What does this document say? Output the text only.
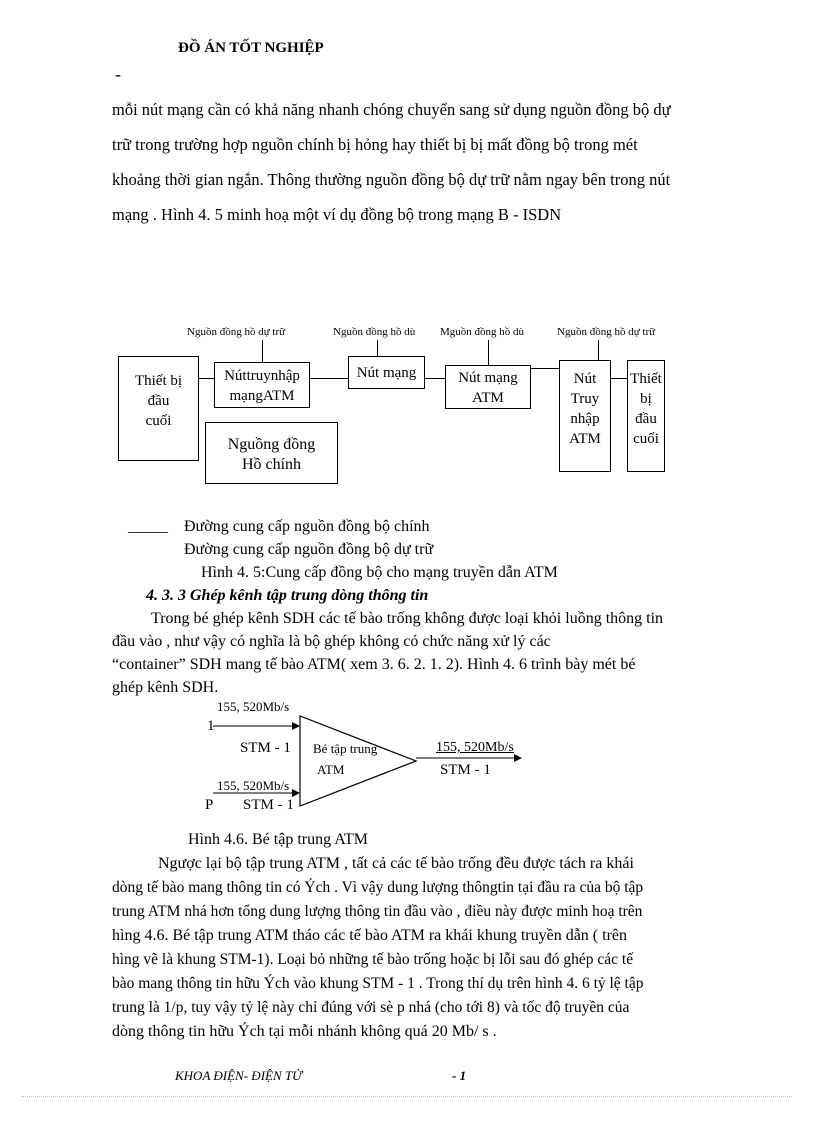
ĐỒ ÁN TỐT NGHIỆP
-

mỗi nút mạng cần có khả năng nhanh chóng chuyển sang sử dụng nguồn đồng bộ dự

trữ trong trường hợp nguồn chính bị hỏng hay thiết bị bị mất đồng bộ trong mét

khoảng thời gian ngắn. Thông thường nguồn đồng bộ dự trữ nằm ngay bên trong nút

mạng . Hình 4. 5 minh hoạ một ví dụ đồng bộ trong mạng B - ISDN

Nguồn đồng hồ dự trữ	Nguồn đồng hồ dù Mguồn đồng hồ dù	Nguồn đồng hồ dự trữ
Thiết bị
đầu
cuối
Núttruynhập
mạngATM
Nút mạng	Nút mạng
ATM
Nút
Truy
nhập
ATM
Thiết
bị
đầu
cuối
Nguồng đồng
Hồ chính
_____ Đường cung cấp nguồn đồng bộ chính
Đường cung cấp nguồn đồng bộ dự trữ
Hình 4. 5:Cung cấp đồng bộ cho mạng truyền dẫn ATM
4. 3. 3 Ghép kênh tập trung dòng thông tin
Trong bé ghép kênh SDH các tế bào trống không được loại khỏi luồng thông tin
đầu vào , như vậy có nghĩa là bộ ghép không có chức năng xử lý các
“container” SDH mang tế bào ATM( xem 3. 6. 2. 1. 2). Hình 4. 6 trình bày mét bé
ghép kênh SDH.
155, 520Mb/s
1
STM - 1
155, 520Mb/s
P STM - 1
Bé tập trung
ATM
155, 520Mb/s
STM - 1
Hình 4.6. Bé tập trung ATM
Ngược lại bộ tập trung ATM , tất cả các tế bào trống đều được tách ra khái
dòng tế bào mang thông tin có Ých . Vì vậy dung lượng thôngtin tại đầu ra của bộ tập
trung ATM nhá hơn tổng dung lượng thông tin đầu vào , điều này được minh hoạ trên
hìng 4.6. Bé tập trung ATM tháo các tế bào ATM ra khái khung truyền dẫn ( trên
hìng vẽ là khung STM-1). Loại bỏ những tế bào trống hoặc bị lỗi sau đó ghép các tế
bào mang thông tin hữu Ých vào khung STM - 1 . Trong thí dụ trên hình 4. 6 tỷ lệ tập
trung là 1/p, tuy vậy tỷ lệ này chỉ đúng với sè p nhá (cho tới 8) và tốc độ truyền của
dòng thông tin hữu Ých tại mỗi nhánh không quá 20 Mb/ s .
KHOA ĐIỆN- ĐIỆN TỬ	- 1
